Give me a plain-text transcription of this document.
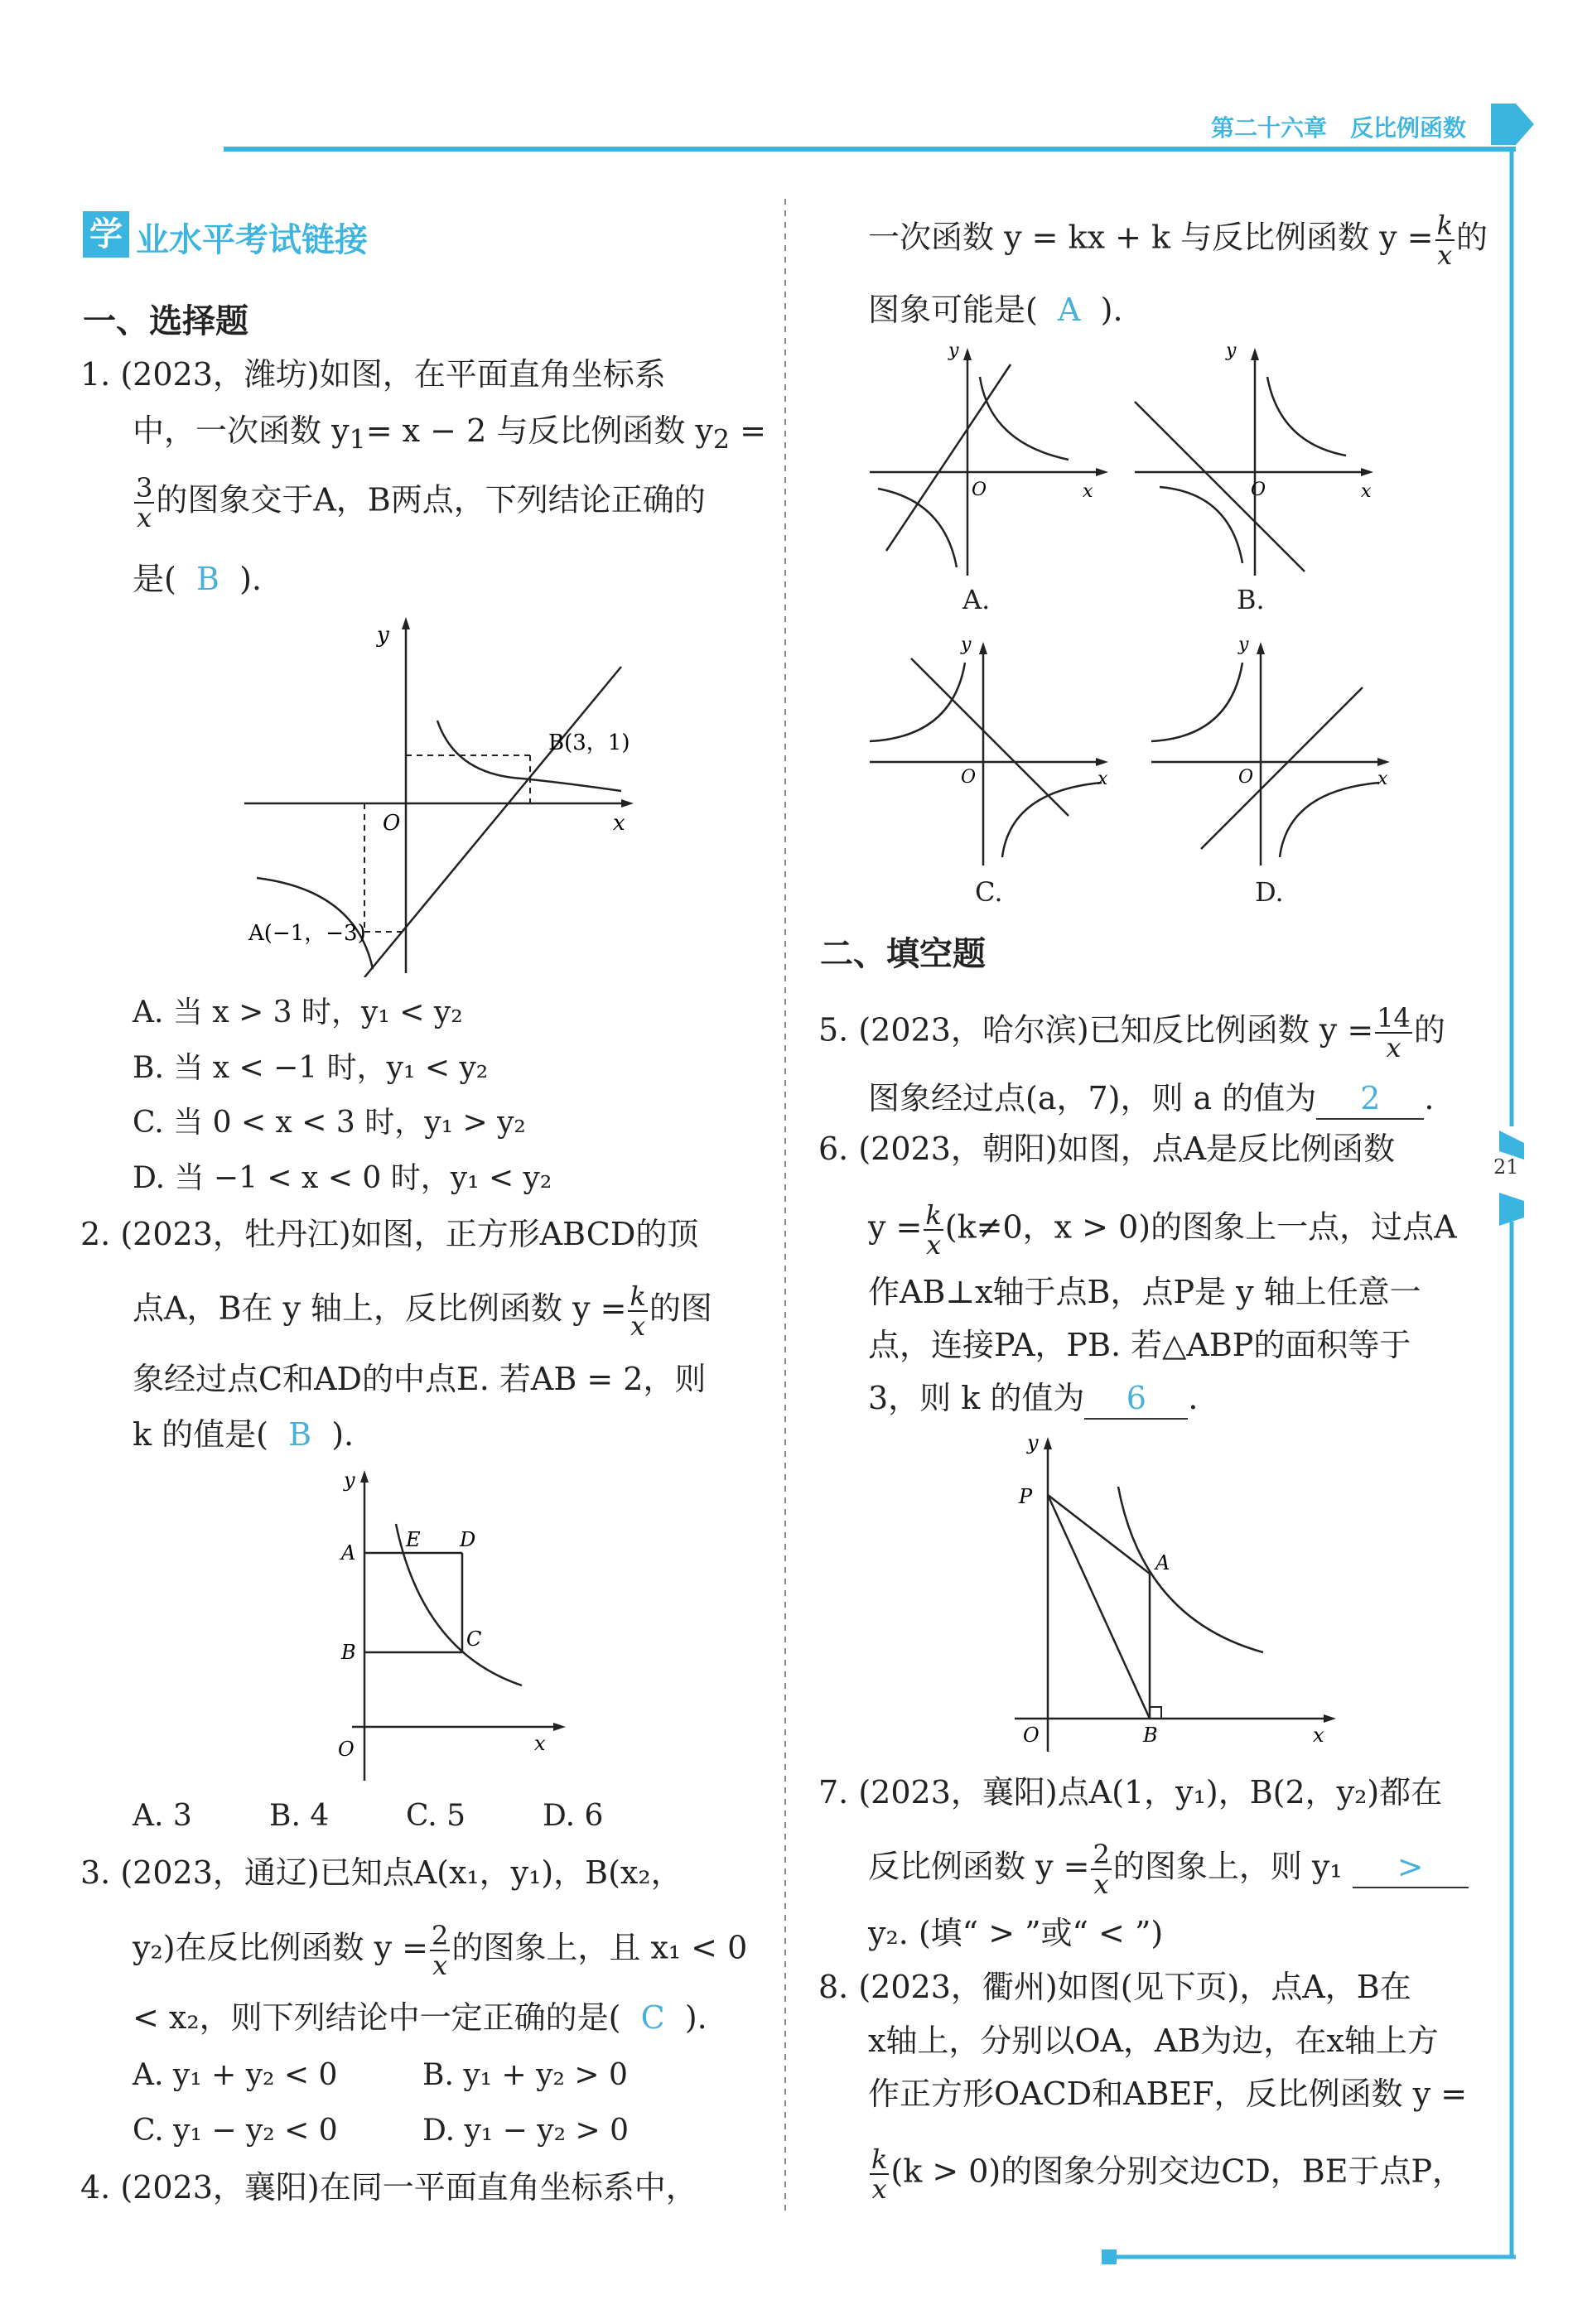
第二十六章　反比例函数
21
学 业水平考试链接
一、选择题
1. (2023，潍坊)如图，在平面直角坐标系
中，一次函数 $y_1= x - 2$ 与反比例函数 $y_2$ =
$\frac{3}{x}$ 的图象交于A，B两点，下列结论正确的
是( B ).
B(3，1)
A(−1，−3)
y
x
O
A. 当 x > 3 时，y₁ < y₂
B. 当 x < −1 时，y₁ < y₂
C. 当 0 < x < 3 时，y₁ > y₂
D. 当 −1 < x < 0 时，y₁ < y₂
2. (2023，牡丹江)如图，正方形ABCD的顶
点A，B在 y 轴上，反比例函数 $y = \frac{k}{x}$ 的图
象经过点C和AD的中点E. 若AB = 2，则
k 的值是( B ).
y
A
B
E D
C
O	x
A. 3	B. 4	C. 5	D. 6
3. (2023，通辽)已知点A(x₁，y₁)，B(x₂，
y₂)在反比例函数 $y = \frac{2}{x}$ 的图象上，且 x₁ < 0
< x₂，则下列结论中一定正确的是( C ).
A. y₁ + y₂ < 0	B. y₁ + y₂ > 0
C. y₁ − y₂ < 0	D. y₁ − y₂ > 0
4. (2023，襄阳)在同一平面直角坐标系中，
一次函数 y = kx + k 与反比例函数 $y = \frac{k}{x}$ 的
图象可能是( A ).
y
O	x
A.
y
O	x
B.
y
O	x
C.
y
O	x
D.
二、填空题
5. (2023，哈尔滨)已知反比例函数 $y = \frac{14}{x}$ 的
图象经过点(a，7)，则 a 的值为 2 .
6. (2023，朝阳)如图，点A是反比例函数
$y = \frac{k}{x} (k\ne 0$，x > 0)的图象上一点，过点A
作AB⊥x轴于点B，点P是 y 轴上任意一
点，连接PA，PB. 若△ABP的面积等于
3，则 k 的值为 6 .
y
P
A
B
O	x
7. (2023，襄阳)点A(1，y₁)，B(2，y₂)都在
反比例函数 $y = \frac{2}{x}$ 的图象上，则 y₁ >
y₂. (填“ > ”或“ < ”)
8. (2023，衢州)如图(见下页)，点A，B在
x轴上，分别以OA，AB为边，在x轴上方
作正方形OACD和ABEF，反比例函数 y =
$\frac{k}{x} (k > 0)$的图象分别交边CD，BE于点P，
